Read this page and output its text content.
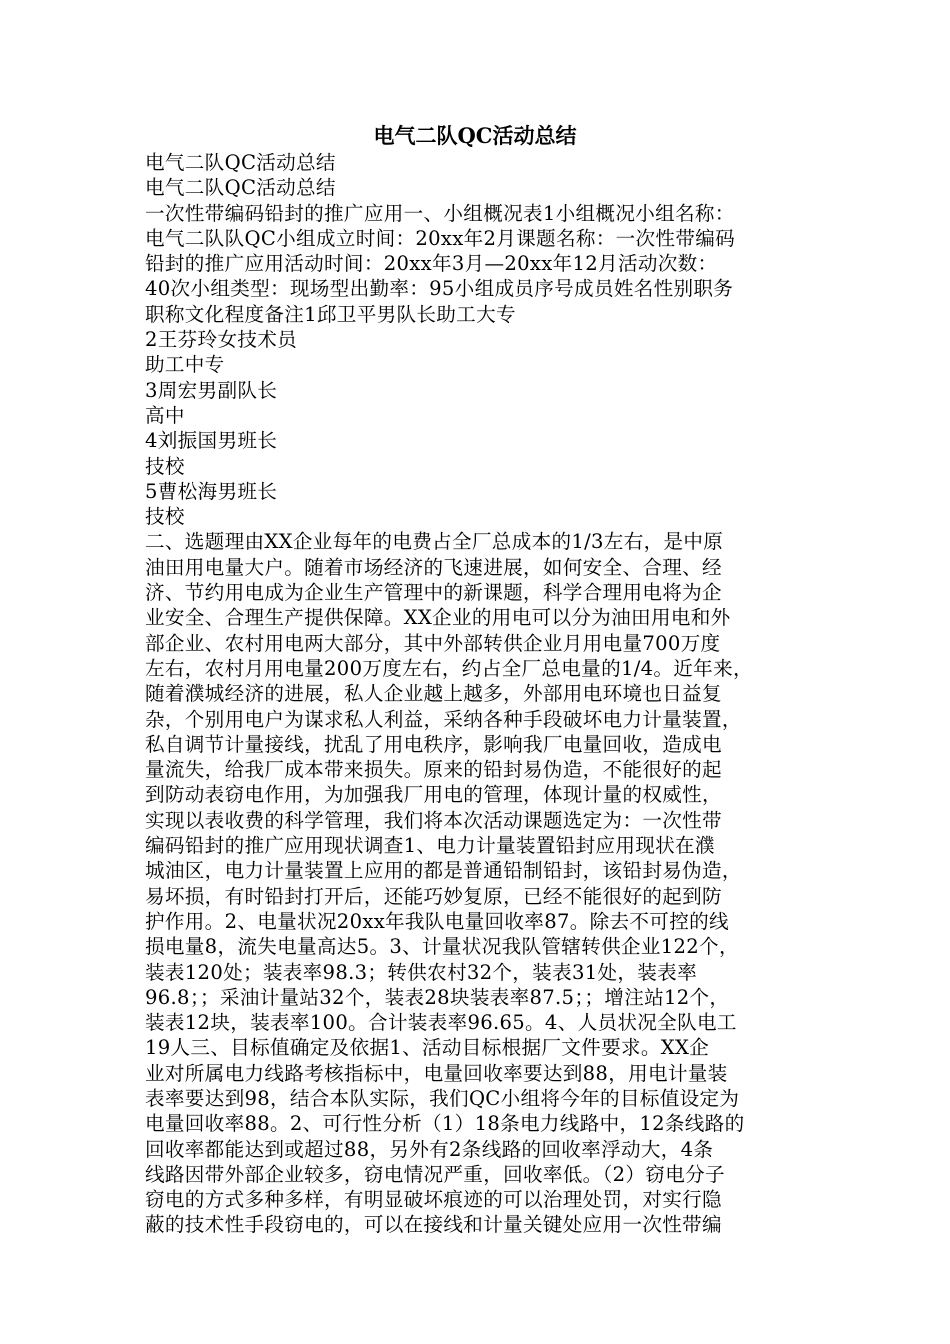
电气二队QC活动总结
电气二队QC活动总结
电气二队QC活动总结
一次性带编码铅封的推广应用一、小组概况表1小组概况小组名称：
电气二队队QC小组成立时间：20xx年2月课题名称：一次性带编码
铅封的推广应用活动时间：20xx年3月—20xx年12月活动次数：
40次小组类型：现场型出勤率：95小组成员序号成员姓名性别职务
职称文化程度备注1邱卫平男队长助工大专
2王芬玲女技术员
助工中专
3周宏男副队长
高中
4刘振国男班长
技校
5曹松海男班长
技校
二、选题理由XX企业每年的电费占全厂总成本的1/3左右，是中原
油田用电量大户。随着市场经济的飞速进展，如何安全、合理、经
济、节约用电成为企业生产管理中的新课题，科学合理用电将为企
业安全、合理生产提供保障。XX企业的用电可以分为油田用电和外
部企业、农村用电两大部分，其中外部转供企业月用电量700万度
左右，农村月用电量200万度左右，约占全厂总电量的1/4。近年来，
随着濮城经济的进展，私人企业越上越多，外部用电环境也日益复
杂，个别用电户为谋求私人利益，采纳各种手段破坏电力计量装置，
私自调节计量接线，扰乱了用电秩序，影响我厂电量回收，造成电
量流失，给我厂成本带来损失。原来的铅封易伪造，不能很好的起
到防动表窃电作用，为加强我厂用电的管理，体现计量的权威性，
实现以表收费的科学管理，我们将本次活动课题选定为：一次性带
编码铅封的推广应用现状调查1、电力计量装置铅封应用现状在濮
城油区，电力计量装置上应用的都是普通铅制铅封，该铅封易伪造，
易坏损，有时铅封打开后，还能巧妙复原，已经不能很好的起到防
护作用。2、电量状况20xx年我队电量回收率87。除去不可控的线
损电量8，流失电量高达5。3、计量状况我队管辖转供企业122个，
装表120处；装表率98.3；转供农村32个，装表31处，装表率
96.8；；采油计量站32个，装表28块装表率87.5；；增注站12个，
装表12块，装表率100。合计装表率96.65。4、人员状况全队电工
19人三、目标值确定及依据1、活动目标根据厂文件要求。XX企
业对所属电力线路考核指标中，电量回收率要达到88，用电计量装
表率要达到98，结合本队实际，我们QC小组将今年的目标值设定为
电量回收率88。2、可行性分析（1）18条电力线路中，12条线路的
回收率都能达到或超过88，另外有2条线路的回收率浮动大，4条
线路因带外部企业较多，窃电情况严重，回收率低。（2）窃电分子
窃电的方式多种多样，有明显破坏痕迹的可以治理处罚，对实行隐
蔽的技术性手段窃电的，可以在接线和计量关键处应用一次性带编
